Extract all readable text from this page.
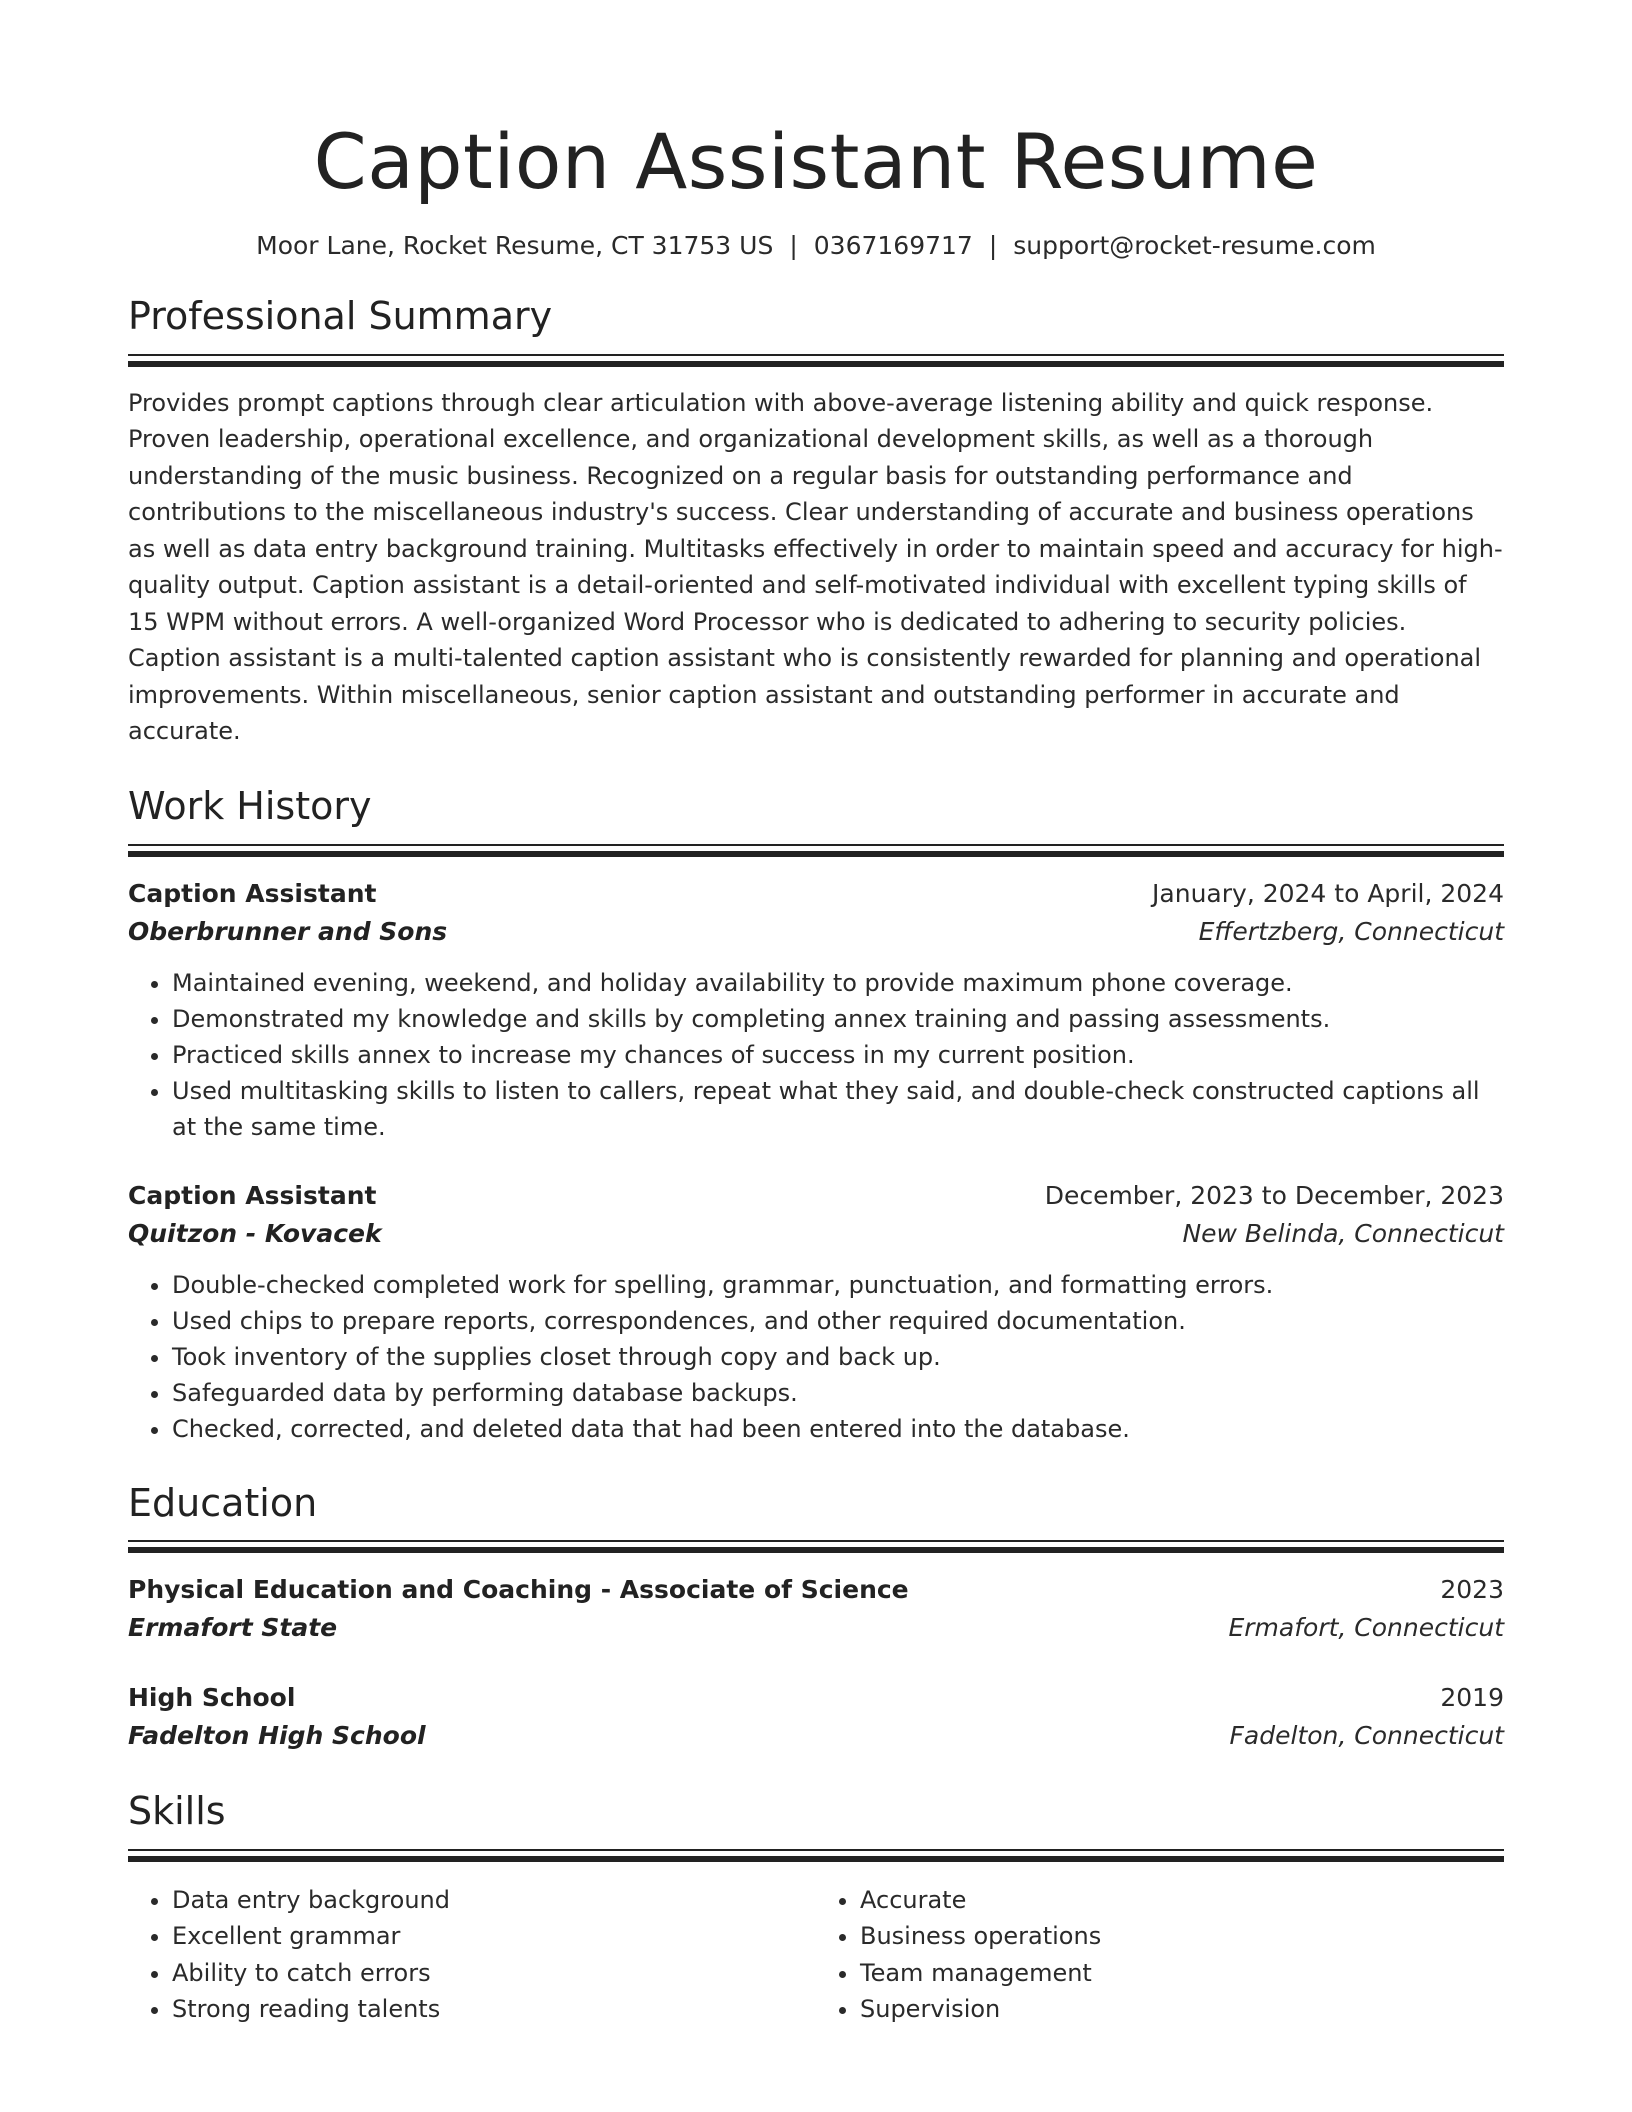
Caption Assistant Resume
Moor Lane, Rocket Resume, CT 31753 US | 0367169717 | support@rocket-resume.com
Professional Summary
Provides prompt captions through clear articulation with above-average listening ability and quick response. Proven leadership, operational excellence, and organizational development skills, as well as a thorough understanding of the music business. Recognized on a regular basis for outstanding performance and contributions to the miscellaneous industry's success. Clear understanding of accurate and business operations as well as data entry background training. Multitasks effectively in order to maintain speed and accuracy for high-quality output. Caption assistant is a detail-oriented and self-motivated individual with excellent typing skills of 15 WPM without errors. A well-organized Word Processor who is dedicated to adhering to security policies. Caption assistant is a multi-talented caption assistant who is consistently rewarded for planning and operational improvements. Within miscellaneous, senior caption assistant and outstanding performer in accurate and accurate.
Work History
Caption Assistant	January, 2024 to April, 2024
Oberbrunner and Sons	Effertzberg, Connecticut
• Maintained evening, weekend, and holiday availability to provide maximum phone coverage.
• Demonstrated my knowledge and skills by completing annex training and passing assessments.
• Practiced skills annex to increase my chances of success in my current position.
• Used multitasking skills to listen to callers, repeat what they said, and double-check constructed captions all at the same time.
Caption Assistant	December, 2023 to December, 2023
Quitzon - Kovacek	New Belinda, Connecticut
• Double-checked completed work for spelling, grammar, punctuation, and formatting errors.
• Used chips to prepare reports, correspondences, and other required documentation.
• Took inventory of the supplies closet through copy and back up.
• Safeguarded data by performing database backups.
• Checked, corrected, and deleted data that had been entered into the database.
Education
Physical Education and Coaching - Associate of Science	2023
Ermafort State	Ermafort, Connecticut
High School	2019
Fadelton High School	Fadelton, Connecticut
Skills
• Data entry background
• Excellent grammar
• Ability to catch errors
• Strong reading talents
• Accurate
• Business operations
• Team management
• Supervision
